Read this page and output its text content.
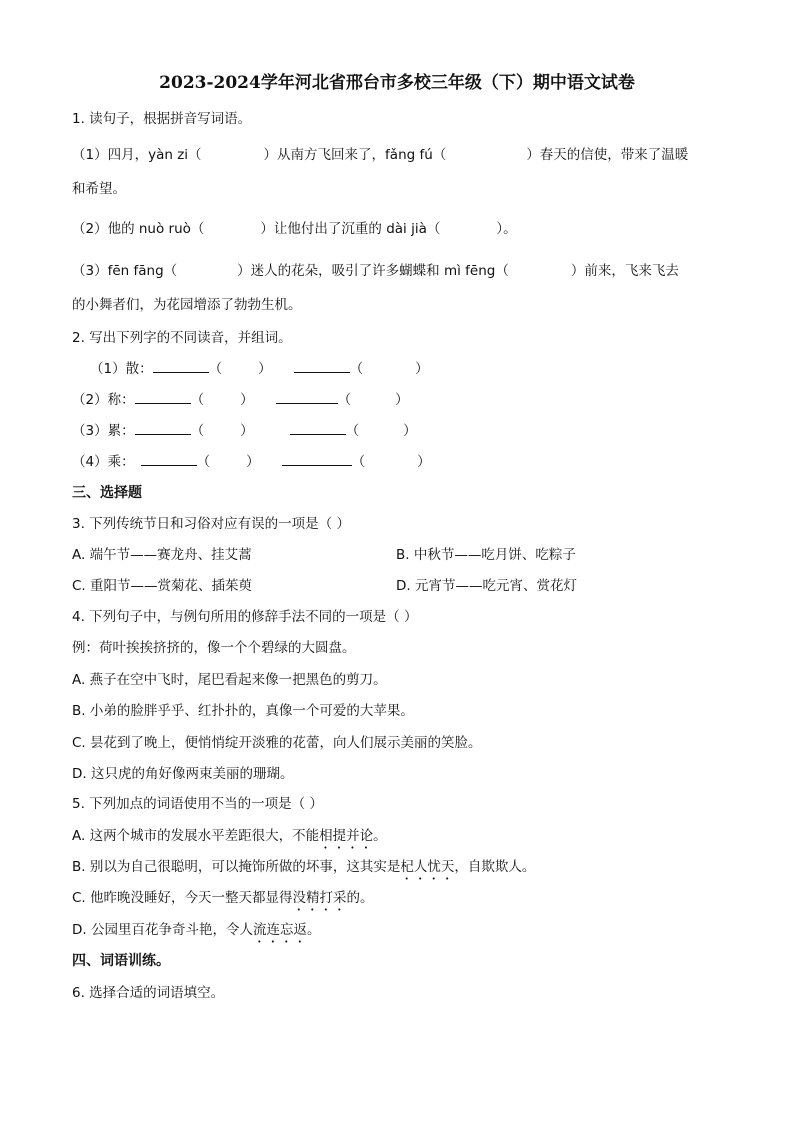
2023-2024学年河北省邢台市多校三年级（下）期中语文试卷
1. 读句子，根据拼音写词语。
（1）四月，yàn zi（	）从南方飞回来了，fǎng fú（	）春天的信使，带来了温暖
和希望。
（2）他的 nuò ruò（	）让他付出了沉重的 dài jià（	）。
（3）fēn fāng（	）迷人的花朵，吸引了许多蝴蝶和 mì fēng（	）前来，飞来飞去
的小舞者们，为花园增添了勃勃生机。
2. 写出下列字的不同读音，并组词。
（1）散：	（	）	（	）
（2）称：	（	）	（	）
（3）累：	（	）	（	）
（4）乘：	（	）	（	）
三、选择题
3. 下列传统节日和习俗对应有误的一项是（ ）
A. 端午节——赛龙舟、挂艾蒿	B. 中秋节——吃月饼、吃粽子
C. 重阳节——赏菊花、插茱萸	D. 元宵节——吃元宵、赏花灯
4. 下列句子中，与例句所用的修辞手法不同的一项是（ ）
例：荷叶挨挨挤挤的，像一个个碧绿的大圆盘。
A. 燕子在空中飞时，尾巴看起来像一把黑色的剪刀。
B. 小弟的脸胖乎乎、红扑扑的，真像一个可爱的大苹果。
C. 昙花到了晚上，便悄悄绽开淡雅的花蕾，向人们展示美丽的笑脸。
D. 这只虎的角好像两束美丽的珊瑚。
5. 下列加点的词语使用不当的一项是（ ）
A. 这两个城市的发展水平差距很大，不能相提并论。
B. 别以为自己很聪明，可以掩饰所做的坏事，这其实是杞人忧天，自欺欺人。
C. 他昨晚没睡好，今天一整天都显得没精打采的。
D. 公园里百花争奇斗艳，令人流连忘返。
四、词语训练。
6. 选择合适的词语填空。
